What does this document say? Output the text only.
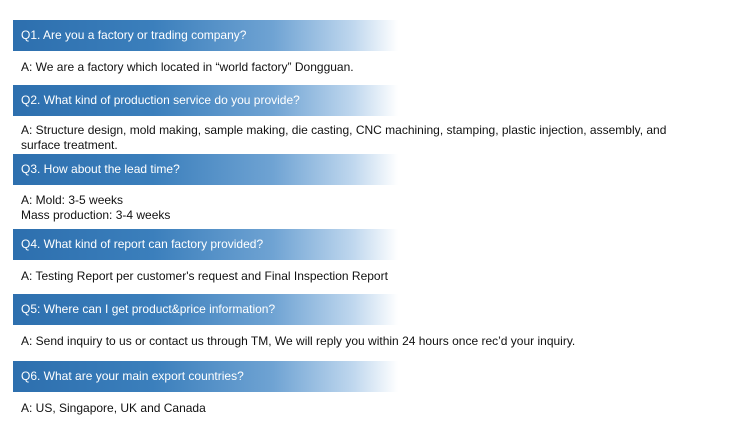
Q1. Are you a factory or trading company?
A: We are a factory which located in “world factory” Dongguan.
Q2. What kind of production service do you provide?
A: Structure design, mold making, sample making, die casting, CNC machining, stamping, plastic injection, assembly, and
surface treatment.
Q3. How about the lead time?
A: Mold: 3-5 weeks
Mass production: 3-4 weeks
Q4. What kind of report can factory provided?
A: Testing Report per customer's request and Final Inspection Report
Q5: Where can I get product&price information?
A: Send inquiry to us or contact us through TM, We will reply you within 24 hours once rec’d your inquiry.
Q6. What are your main export countries?
A: US, Singapore, UK and Canada
